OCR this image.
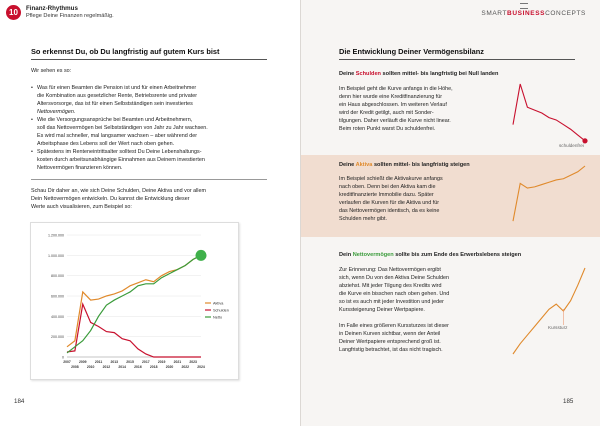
10	Finanz-Rhythmus
Pflege Deine Finanzen regelmäßig.
So erkennst Du, ob Du langfristig auf gutem Kurs bist
Wir sehen es so:
• Was für einen Beamten die Pension ist und für einen Arbeitnehmer
die Kombination aus gesetzlicher Rente, Betriebsrente und privater
Altersvorsorge, das ist für einen Selbstständigen sein investiertes
Nettovermögen.
• Wie die Versorgungsansprüche bei Beamten und Arbeitnehmern,
soll das Nettovermögen bei Selbstständigen von Jahr zu Jahr wachsen.
Es wird mal schneller, mal langsamer wachsen – aber während der
Arbeitsphase des Lebens soll der Wert nach oben gehen.
• Spätestens im Renteneintrittsalter solltest Du Deine Lebenshaltungs-
kosten durch arbeitsunabhängige Einnahmen aus Deinem investierten
Nettovermögen finanzieren können.
Schau Dir daher an, wie sich Deine Schulden, Deine Aktiva und vor allem
Dein Nettovermögen entwickeln. Du kannst die Entwicklung dieser
Werte auch visualisieren, zum Beispiel so:
1.200.000
1.000.000
800.000
600.000
400.000
200.000
0
2007 2009 2011 2013 2015 2017 2019 2021 2023
2008 2010 2012 2014 2016 2018 2020 2022 2024
Aktiva
Schulden
Netto
184
SMARTBUSINESSCONCEPTS
Die Entwicklung Deiner Vermögensbilanz
Deine Schulden sollten mittel- bis langfristig bei Null landen
Im Beispiel geht die Kurve anfangs in die Höhe,
denn hier wurde eine Kreditfinanzierung für
ein Haus abgeschlossen. Im weiteren Verlauf
wird der Kredit getilgt, auch mit Sonder-
tilgungen. Daher verläuft die Kurve nicht linear.
Beim roten Punkt warst Du schuldenfrei.
schuldenfrei
Deine Aktiva sollten mittel- bis langfristig steigen
Im Beispiel schießt die Aktivakurve anfangs
nach oben. Denn bei den Aktiva kam die
kreditfinanzierte Immobilie dazu. Später
verlaufen die Kurven für die Aktiva und für
das Nettovermögen identisch, da es keine
Schulden mehr gibt.
Dein Nettovermögen sollte bis zum Ende des Erwerbslebens steigen
Zur Erinnerung: Das Nettovermögen ergibt
sich, wenn Du von den Aktiva Deine Schulden
abziehst. Mit jeder Tilgung des Kredits wird
die Kurve ein bisschen nach oben gehen. Und
so ist es auch mit jeder Investition und jeder
Kurssteigerung Deiner Wertpapiere.
Im Falle eines größeren Kurssturzes ist dieser
in Deinen Kurven sichtbar, wenn der Anteil
Deiner Wertpapiere entsprechend groß ist.
Langfristig betrachtet, ist das nicht tragisch.
Kurssturz
185
